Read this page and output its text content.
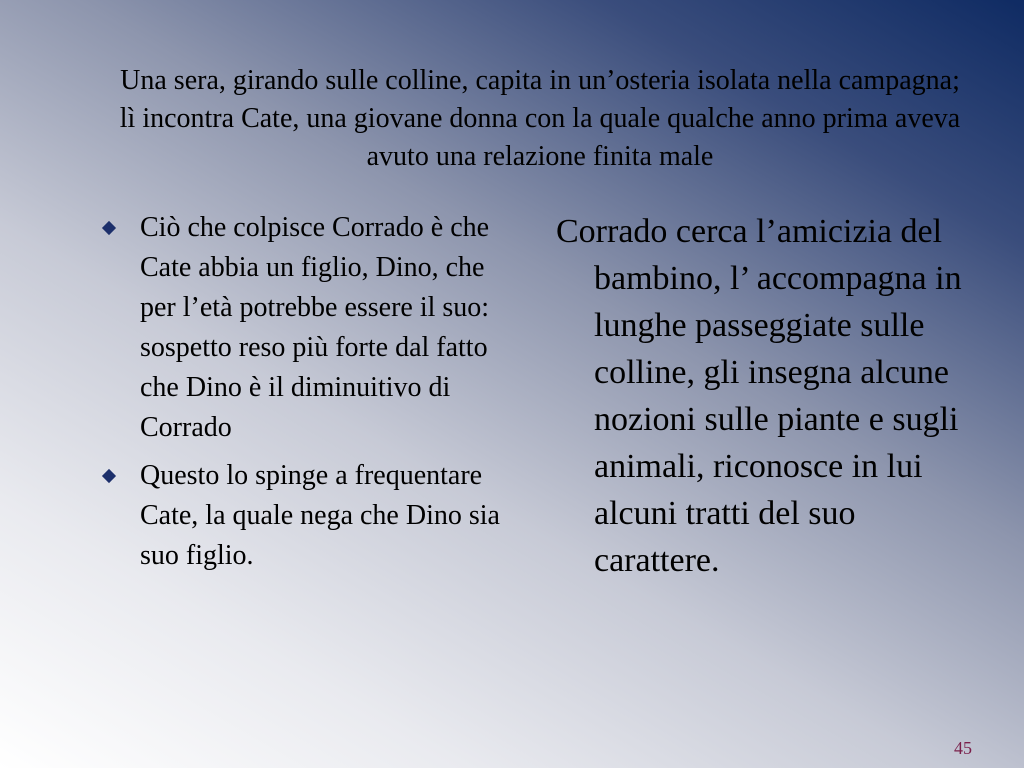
Una sera, girando sulle colline, capita in un’osteria isolata nella campagna; lì incontra Cate, una giovane donna con la quale qualche anno prima aveva avuto una relazione finita male
Ciò che colpisce Corrado è che Cate abbia un figlio, Dino, che per l’età potrebbe essere il suo: sospetto reso più forte dal fatto che Dino è il diminuitivo di Corrado
Questo lo spinge a frequentare Cate, la quale nega che Dino sia suo figlio.

Corrado cerca l’amicizia del bambino, l’ accompagna in lunghe passeggiate sulle colline, gli insegna alcune nozioni sulle piante e sugli animali, riconosce in lui alcuni tratti del suo carattere.

45
